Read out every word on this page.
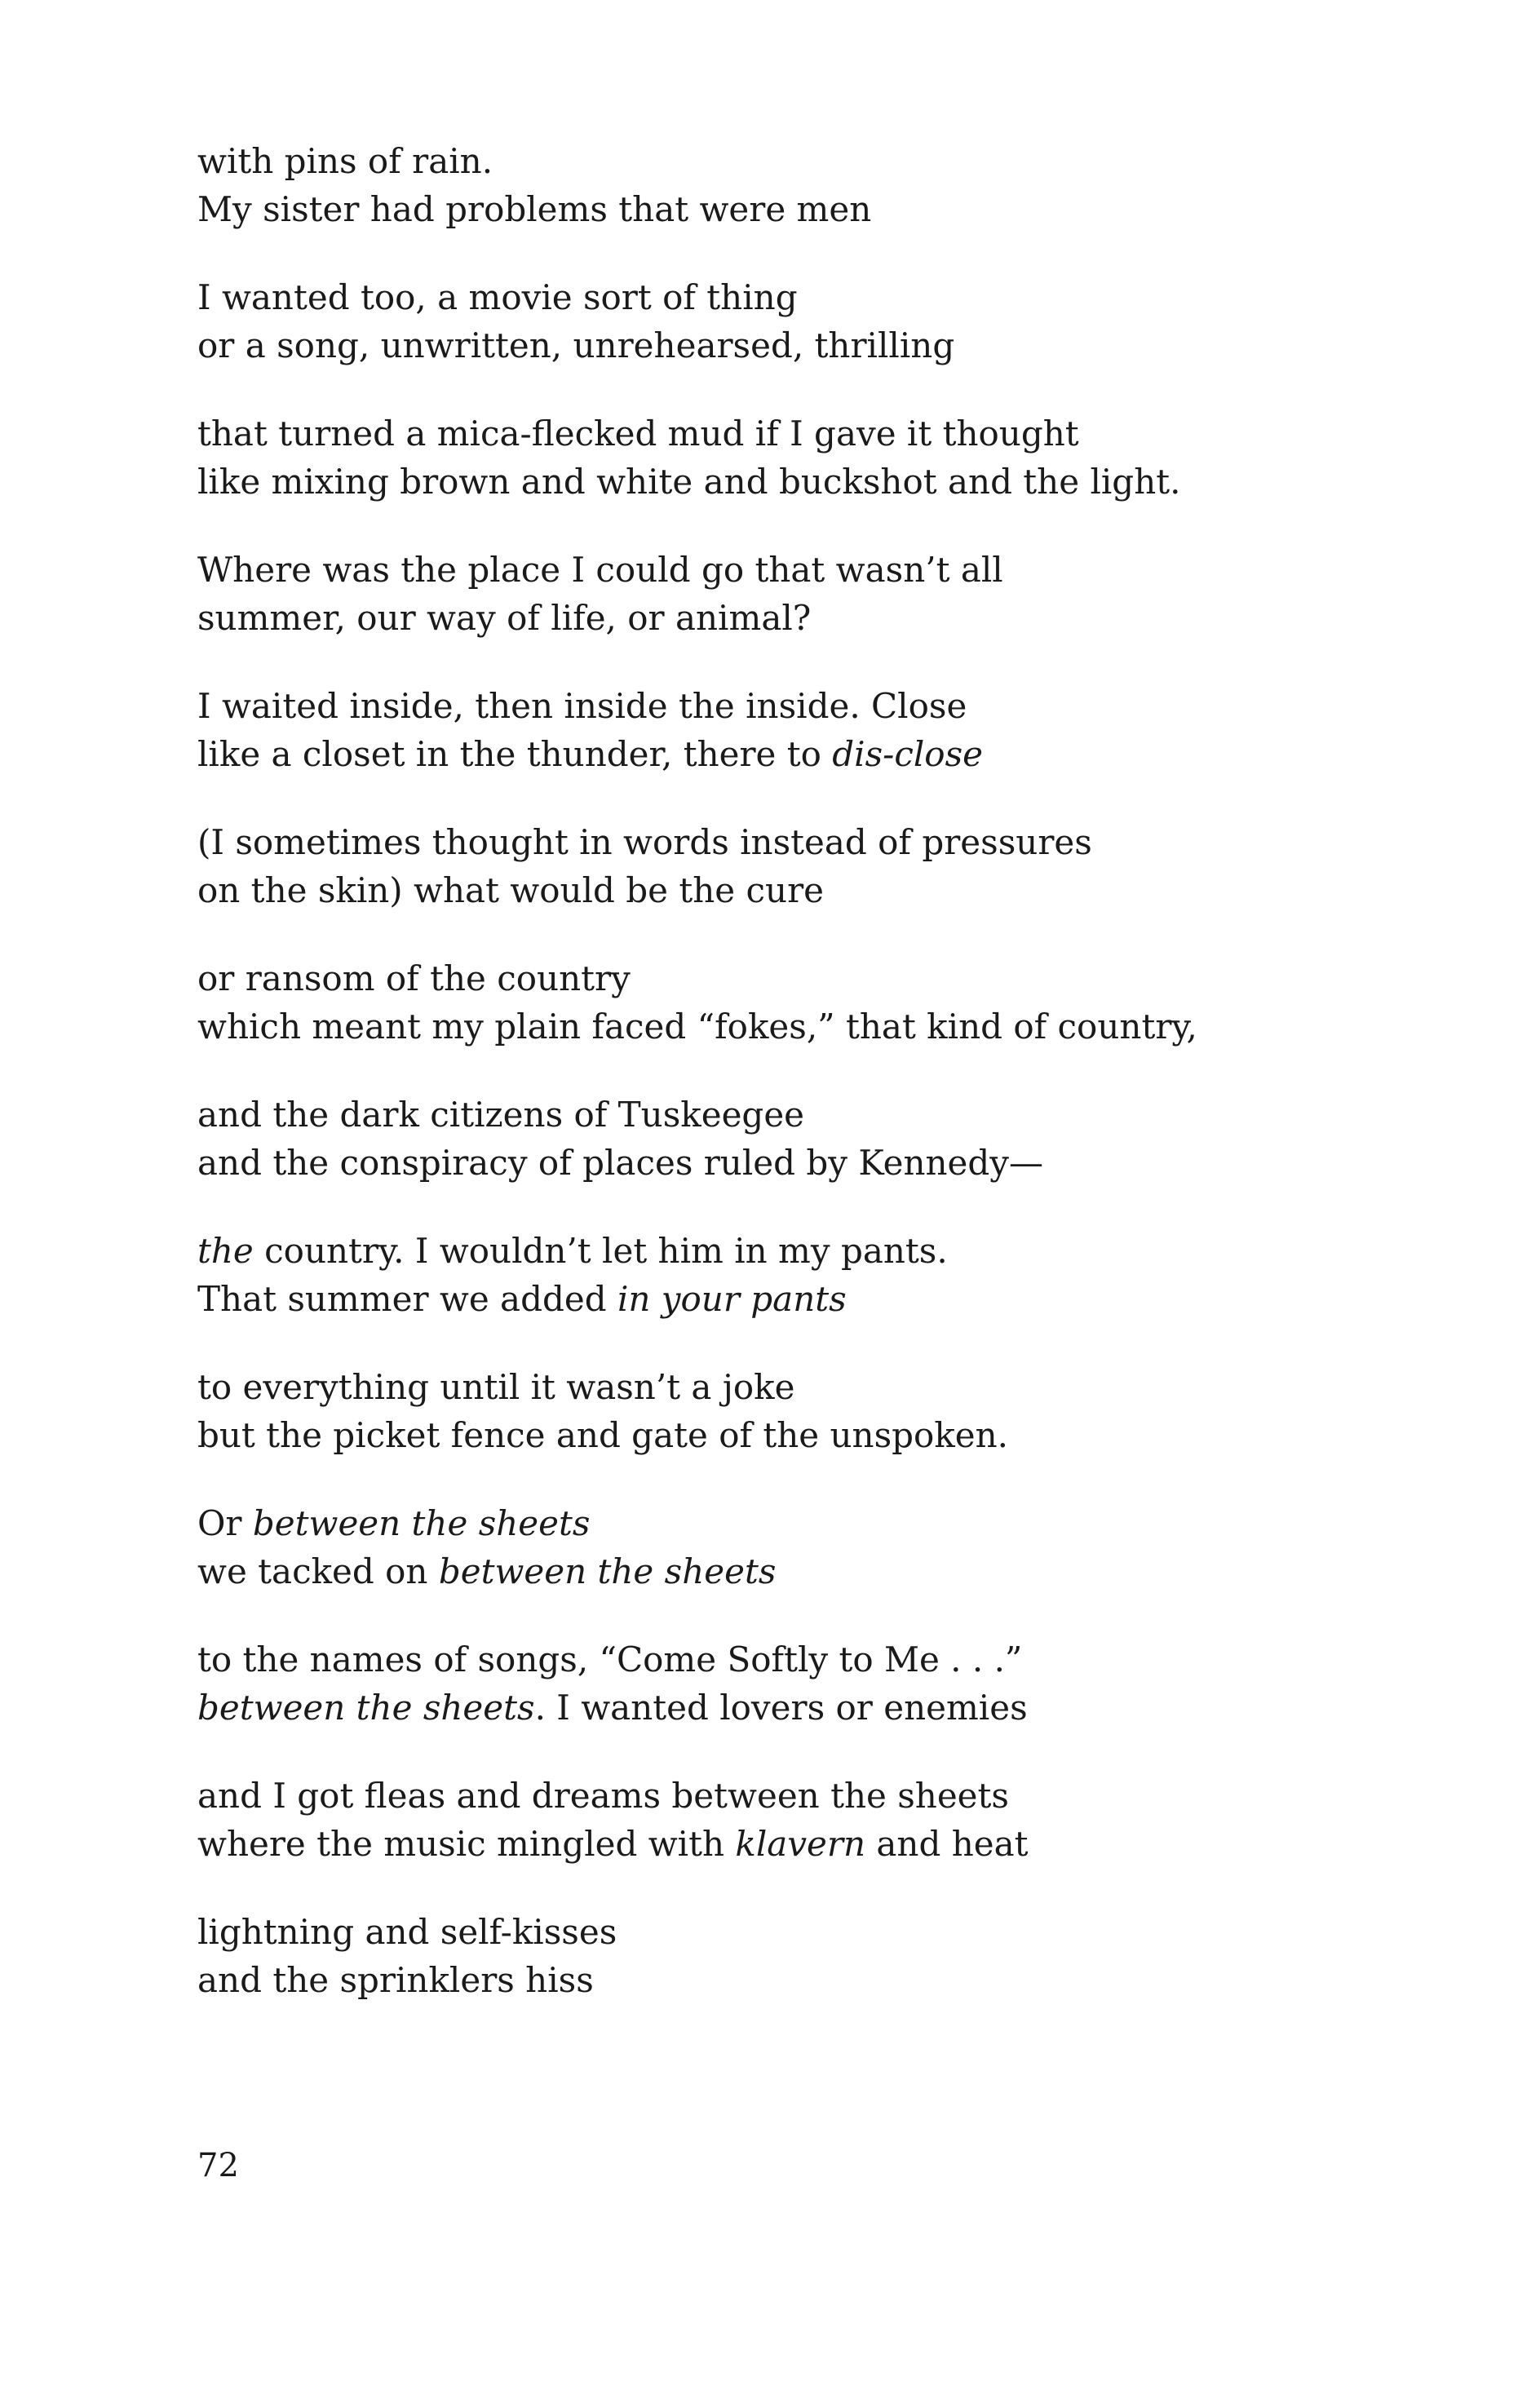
with pins of rain.
My sister had problems that were men
I wanted too, a movie sort of thing
or a song, unwritten, unrehearsed, thrilling
that turned a mica-flecked mud if I gave it thought
like mixing brown and white and buckshot and the light.
Where was the place I could go that wasn’t all
summer, our way of life, or animal?
I waited inside, then inside the inside. Close
like a closet in the thunder, there to dis-close
(I sometimes thought in words instead of pressures
on the skin) what would be the cure
or ransom of the country
which meant my plain faced “fokes,” that kind of country,
and the dark citizens of Tuskeegee
and the conspiracy of places ruled by Kennedy—
the country. I wouldn’t let him in my pants.
That summer we added in your pants
to everything until it wasn’t a joke
but the picket fence and gate of the unspoken.
Or between the sheets
we tacked on between the sheets
to the names of songs, “Come Softly to Me . . .”
between the sheets. I wanted lovers or enemies
and I got fleas and dreams between the sheets
where the music mingled with klavern and heat
lightning and self-kisses
and the sprinklers hiss
72
